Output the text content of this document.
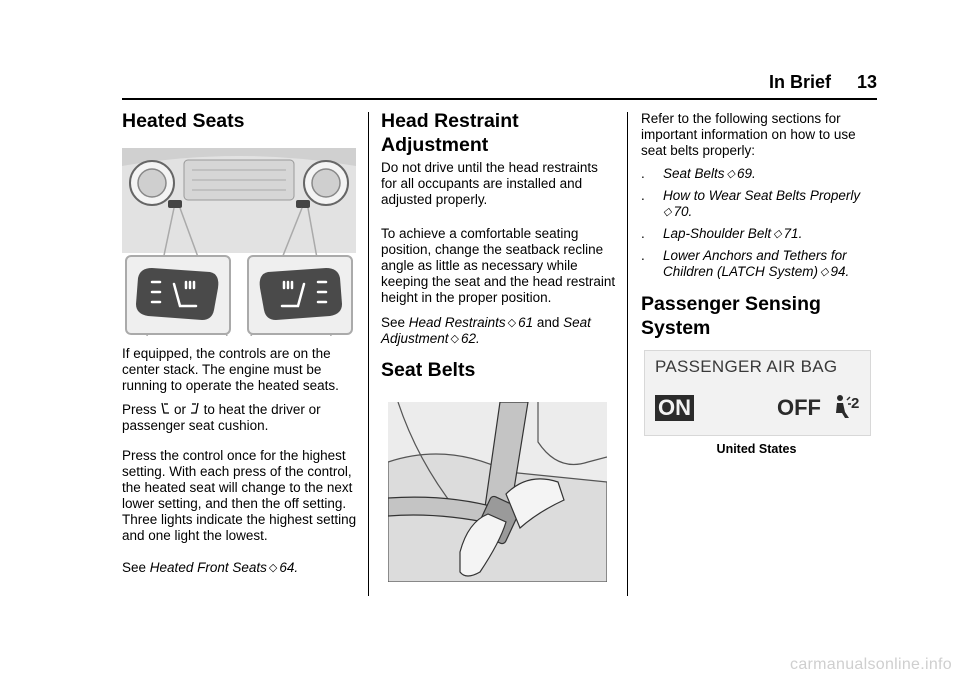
In Brief 13
Heated Seats

If equipped, the controls are on the center stack. The engine must be running to operate the heated seats.

Press or to heat the driver or passenger seat cushion.

Press the control once for the highest setting. With each press of the control, the heated seat will change to the next lower setting, and then the off setting. Three lights indicate the highest setting and one light the lowest.

See Heated Front Seats ◇ 64.

Head Restraint
Adjustment

Do not drive until the head restraints for all occupants are installed and adjusted properly.

To achieve a comfortable seating position, change the seatback recline angle as little as necessary while keeping the seat and the head restraint height in the proper position.

See Head Restraints ◇ 61 and Seat Adjustment ◇ 62.

Seat Belts

Refer to the following sections for important information on how to use seat belts properly:

. Seat Belts ◇ 69.
. How to Wear Seat Belts Properly
◇ 70.
. Lap-Shoulder Belt ◇ 71.
. Lower Anchors and Tethers for Children (LATCH System) ◇ 94.
Passenger Sensing
System
PASSENGER AIR BAG
ON	OFF 2
United States
carmanualsonline.info
